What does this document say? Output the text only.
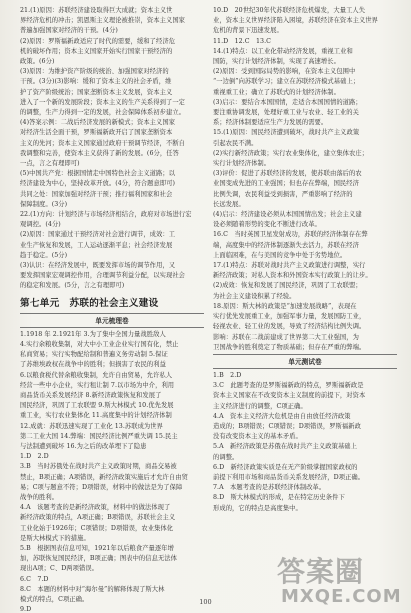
21.(1)原因：苏联经济建设取得巨大成就；资本主义世

界经济危机的冲击；凯恩斯主义理论被推崇，资本主义国家

普遍加强国家对经济的干预。(4分)

(2)原因：罗斯福新政适应了时代的需要，缓和了经济危

机的破坏作用；资本主义国家开始实行国家干预经济的

政策。(6分)

(3)原因：为维护资产阶级的统治、加强国家对经济的

干预。(3分)(3)影响：缓和了资本主义的社会矛盾，维

护了资产阶级统治；国家垄断资本主义发展，资本主义

进入了一个新的发展阶段；资本主义的生产关系得到了一定

的调整，生产力得到一定的发展，社会保障体系初步建立。

(4)答案示例：二战后经济发展的新模式；资本主义国家

对经济生活全面干预，罗斯福新政开启了国家垄断资本

主义的先河；资本主义国家通过政府干预调节经济，不断自

我调整和完善，使资本主义获得了新的发展。(6分，任答

一点，言之有理即可)

(5)中国共产党：根据国情走中国特色社会主义道路；以

经济建设为中心，坚持改革开放。(4分，符合题意即可)

共同之处：国家加强对经济干预；推行福利国家和社会

保障制度。(3分)

22.(1)方向：计划经济与市场经济相结合，政府对市场进行宏

观调控。(4分)

(2)原因：国家通过干预经济对社会进行调节，成效：工

业生产恢复和发展，工人运动逐渐平息；社会经济发展

趋于稳定。(5分)

(3)认识：在经济发展中，既要发挥市场的调节作用，又

要发挥国家宏观调控作用，合理调节利益分配，以实现社会

的稳定和发展。(5分，言之有理即可)

第七单元　苏联的社会主义建设
单元梳理卷

1.1918 年 2.1921年 3.为了集中全国力量战胜敌人

4.实行余粮收集制，对大中小工业企业实行国有化，禁止

私商贸易；实行实物配给制和普遍义务劳动制 5.保证

了苏维埃政权在战争中的胜利；但损害了农民的利益

6.以粮食税代替余粮收集制，允许自由贸易，允许私人

经营一些中小企业，实行租让制 7.以市场为中介，利用

商品货币关系发展经济 8.新经济政策恢复和发展了

国民经济，巩固了工农联盟 9.斯大林模式 10.优先发展

重工业，实行农业集体化 11.高度集中的计划经济体制

12.成就：苏联迅速实现了工业化 13.苏联成为世界

第二工业大国 14.弊端：国民经济比例严重失调 15.民主

与法制遭到破坏 16.为之后的改革埋下了隐患

1.D　2.D

3.B　当时苏俄处在战时共产主义政策时期，商品交易被

禁止，B项正确；A项错误，新经济政策实施后才允许自由贸

易；C项与题意不符；D项错误，材料中的做法是为了保障

战争的胜利。

4.A　该题考查的是新经济政策，材料中的做法体现了

新经济政策的特点，A项正确；B项错误，苏联社会主义

工业化始于1926年；C项错误；D项错误，农业集体化

是斯大林模式下的措施。

5.B　根据图表信息可知，1921年以后粮食产量逐年增

加，苏联恢复国民经济，B项正确；图表中的信息无法体

现出A项；C、D两项错误。

6.C　7.D

8.C　本题的材料中对“海尔曼”的解释体现了斯大林

模式的特点，C项正确。

9.D

10.D　20世纪30年代苏联经济危机爆发，大量工人失

业，资本主义世界经济陷入困境，苏联经济在资本主义世界

危机的背景下迅速发展。

11.D　12.C　13.C

14.(1)特点：以工业化带动经济发展，重视工业和

国防，实行计划经济体制，实现了高速增长。

(2)原因：受到国际局势的影响，在资本主义包围中

“一边倒”向苏联学习；建立在苏联经济模式基础上；

重视重工业；确立了苏联式的计划经济体制。

(3)启示：要结合本国国情，走适合本国国情的道路；

要注重协调发展，处理好重工业与农业、轻工业的关

系；经济体制要适应生产力发展的需要。

15.(1)原因：国民经济遭到破坏，战时共产主义政策

引起农民不满。

(2)实行新经济政策；实行农业集体化，建立集体农庄；

实行计划经济体制。

(3)评价：促进了苏联经济的发展，使苏联由落后的农

业国变成先进的工业强国；但也存在弊端，国民经济

比例失调，农民利益受到损害，严重影响了经济的

长远发展。

(4)启示：经济建设必须从本国国情出发；社会主义建

设必须随着形势的变化不断进行改革。

16.C　当时英国卫星发射成功，苏联的经济体制存在弊

端，高度集中的经济体制逐渐失去活力，苏联在经济

上面临困难，在与美国的竞争中处于劣势地位。

17.(1)特点：苏联对战时共产主义政策进行调整，实行

新经济政策；对私人资本和外国资本实行政策上的让步。

(2)成效：恢复和发展了国民经济，巩固了工农联盟；

为社会主义建设积累了经验。

18.原因：斯大林的政策是“加速发展战略”，表现在

实行优先发展重工业，加强军事力量，发展国防工业，

轻视农业、轻工业的发展，导致了经济结构比例失调。

影响：苏联在二战前建成了世界第二大工业强国，为

卫国战争的胜利奠定了物质基础；但存在严重的弊端。

单元测试卷

1.B　2.D

3.C　此题考查的是罗斯福新政的特点，罗斯福新政是

资本主义国家在不改变资本主义制度的前提下，对资本

主义经济进行的调整，C项正确。

4.A　资本主义经济大危机是由自由放任经济政策

造成的；B项错误；C项错误；D项错误，罗斯福新政

没有改变资本主义的基本矛盾。

5.A　新经济政策是苏俄在战时共产主义政策基础上

的调整。

6.D　新经济政策实质是在无产阶级掌握国家政权的

前提下利用市场和商品货币关系发展经济，D项正确。

7.A　本题考查的是苏联经济体制改革。

8.D　斯大林模式的形成，是在特定历史条件下

形成的，它的特点是高度集中。

100
答案圈
MXQE.COM
